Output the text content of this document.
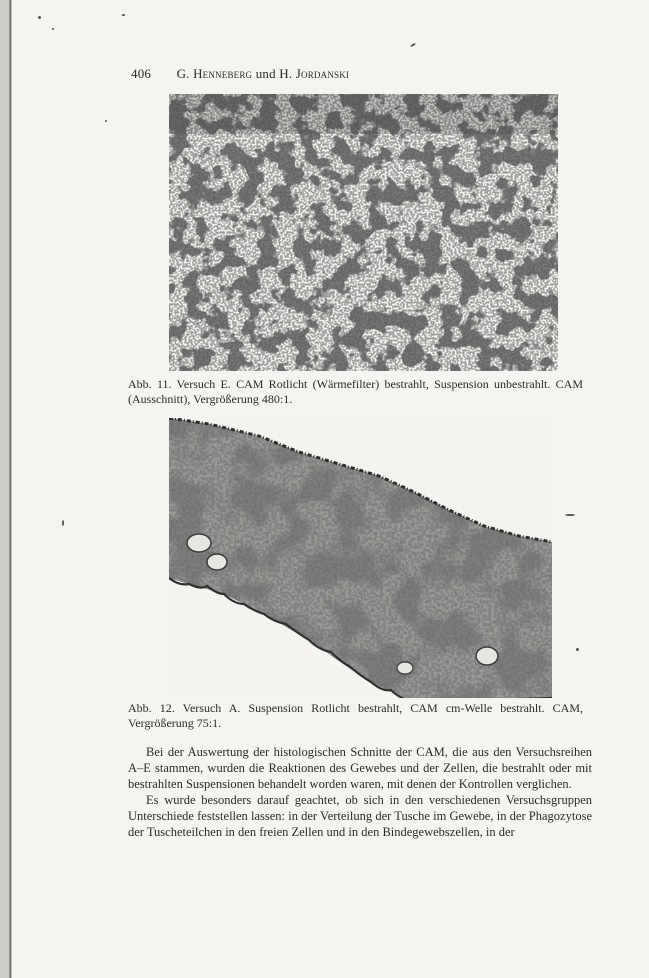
406 G. Henneberg und H. Jordanski
Abb. 11. Versuch E. CAM Rotlicht (Wärmefilter) bestrahlt, Suspension unbestrahlt. CAM (Ausschnitt), Vergrößerung 480:1.
Abb. 12. Versuch A. Suspension Rotlicht bestrahlt, CAM cm-Welle bestrahlt. CAM, Vergrößerung 75:1.

Bei der Auswertung der histologischen Schnitte der CAM, die aus den Versuchsreihen A–E stammen, wurden die Reaktionen des Gewebes und der Zellen, die bestrahlt oder mit bestrahlten Suspensionen behandelt worden waren, mit denen der Kontrollen verglichen.

Es wurde besonders darauf geachtet, ob sich in den verschiedenen Versuchsgruppen Unterschiede feststellen lassen: in der Verteilung der Tusche im Gewebe, in der Phagozytose der Tuscheteilchen in den freien Zellen und in den Bindegewebszellen, in der
